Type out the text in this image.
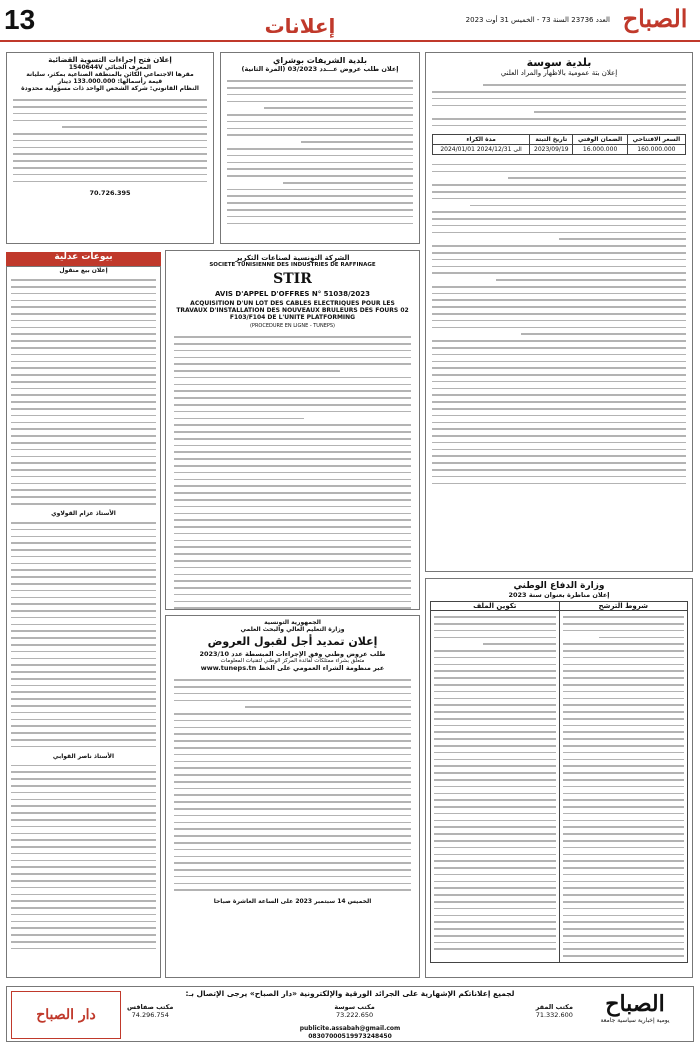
13	إعلانات	العدد 23736 السنة 73 - الخميس 31 أوت 2023 الصباح
بلدية سوسة
إعلان بتة عمومية بالاظهار والمراد العلني
مدة الكراء	تاريخ التبتة	الضمان الوقتي	السعر الافتتاحي
2024/01/01 الى 2024/12/31	2023/09/19	16.000.000	160.000.000
وزارة الدفاع الوطني
إعلان مناظرة بعنوان سنة 2023
شروط الترشح
تكوين الملف
بلدية الشريفات بوشراي
إعلان طلب عروض عـــدد 03/2023 (المرة الثانية)
إعلان فتح إجراءات التسوية القضائية
المعرف الجبائي 1540644V
مقرها الاجتماعي الكائن بالمنطقة الصناعية بمكثر، سليانة
قيمة رأسمالها: 133.000.000 دينار
النظام القانوني: شركة الشخص الواحد ذات مسؤولية محدودة
70.726.395
الشركة التونسية لصناعات التكرير
SOCIETE TUNISIENNE DES INDUSTRIES DE RAFFINAGE
STIR
AVIS D'APPEL D'OFFRES N° 51038/2023
ACQUISITION D'UN LOT DES CABLES ELECTRIQUES POUR LES TRAVAUX D'INSTALLATION DES NOUVEAUX BRULEURS DES FOURS 02 F103/F104 DE L'UNITE PLATFORMING
(PROCEDURE EN LIGNE - TUNEPS)
بيوعات عدلية
إعلان بيع منقول
الأستاذ عزام القولاوي
الأستاذ ناصر القوابي
الجمهورية التونسية
وزارة التعليم العالي والبحث العلمي
إعلان تمديد أجل لقبول العروض
طلب عروض وطني وفق الإجراءات المبسطة عدد 2023/10
متعلق بشراء ممتلكات لفائدة المركز الوطني لتقنيات المعلومات
عبر منظومة الشراء العمومي على الخط www.tuneps.tn
الخميس 14 سبتمبر 2023 على الساعة العاشرة صباحا
لجميع إعلاناتكم الإشهارية على الجرائد الورقية والإلكترونية «دار الصباح» يرجى الإتصال بـ:
مكتب المقر
71.332.600
مكتب سوسة
73.222.650
مكتب صفاقس
74.296.754
publicite.assabah@gmail.com
08307000519973248450
الصباح
يومية إخبارية سياسية جامعة
دار الصباح
